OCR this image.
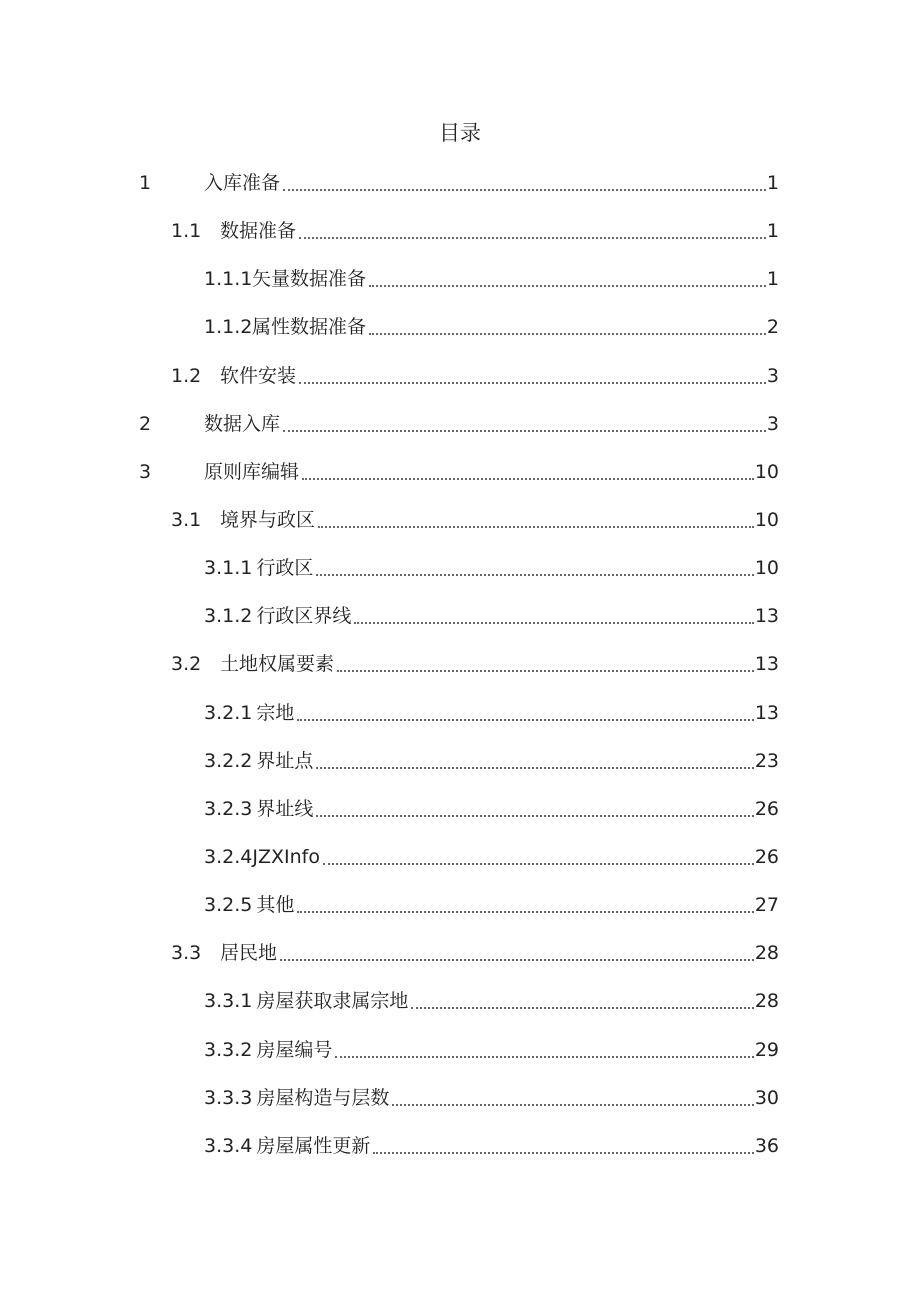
目录
1	入库准备	1
1.1 数据准备	1
1.1.1 矢量数据准备	1
1.1.2 属性数据准备	2
1.2 软件安装	3
2	数据入库	3
3	原则库编辑	10
3.1 境界与政区	10
3.1.1 行政区	10
3.1.2 行政区界线	13
3.2 土地权属要素	13
3.2.1 宗地	13
3.2.2 界址点	23
3.2.3 界址线	26
3.2.4 JZXInfo	26
3.2.5 其他	27
3.3 居民地	28
3.3.1 房屋获取隶属宗地	28
3.3.2 房屋编号	29
3.3.3 房屋构造与层数	30
3.3.4 房屋属性更新	36
